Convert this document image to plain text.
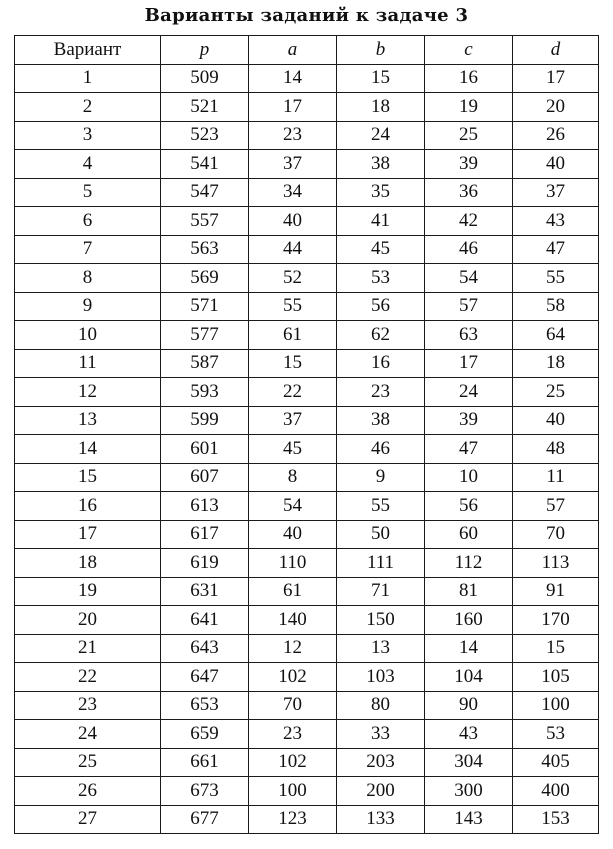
Варианты заданий к задаче 3
Вариант	p	a	b	c	d
1	509	14	15	16	17
2	521	17	18	19	20
3	523	23	24	25	26
4	541	37	38	39	40
5	547	34	35	36	37
6	557	40	41	42	43
7	563	44	45	46	47
8	569	52	53	54	55
9	571	55	56	57	58
10	577	61	62	63	64
11	587	15	16	17	18
12	593	22	23	24	25
13	599	37	38	39	40
14	601	45	46	47	48
15	607	8	9	10	11
16	613	54	55	56	57
17	617	40	50	60	70
18	619	110	111	112	113
19	631	61	71	81	91
20	641	140	150	160	170
21	643	12	13	14	15
22	647	102	103	104	105
23	653	70	80	90	100
24	659	23	33	43	53
25	661	102	203	304	405
26	673	100	200	300	400
27	677	123	133	143	153
